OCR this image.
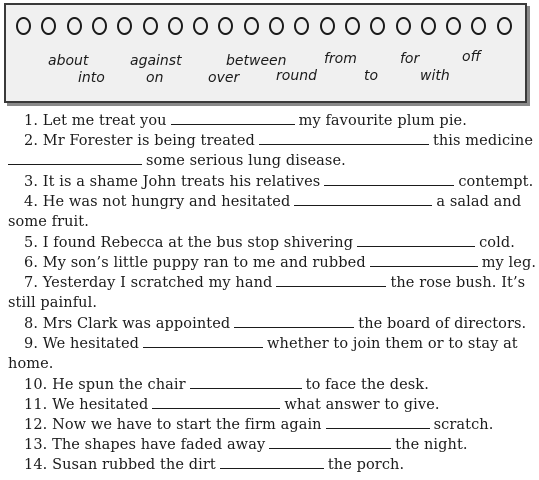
about	against	between	from	for	off
into	on	over	round	to	with
1. Let me treat you	my favourite plum pie.
2. Mr Forester is being treated	this medicine
some serious lung disease.
3. It is a shame John treats his relatives	contempt.
4. He was not hungry and hesitated	a salad and
some fruit.
5. I found Rebecca at the bus stop shivering	cold.
6. My son’s little puppy ran to me and rubbed	my leg.
7. Yesterday I scratched my hand	the rose bush. It’s
still painful.
8. Mrs Clark was appointed	the board of directors.
9. We hesitated	whether to join them or to stay at
home.
10. He spun the chair	to face the desk.
11. We hesitated	what answer to give.
12. Now we have to start the firm again	scratch.
13. The shapes have faded away	the night.
14. Susan rubbed the dirt	the porch.
